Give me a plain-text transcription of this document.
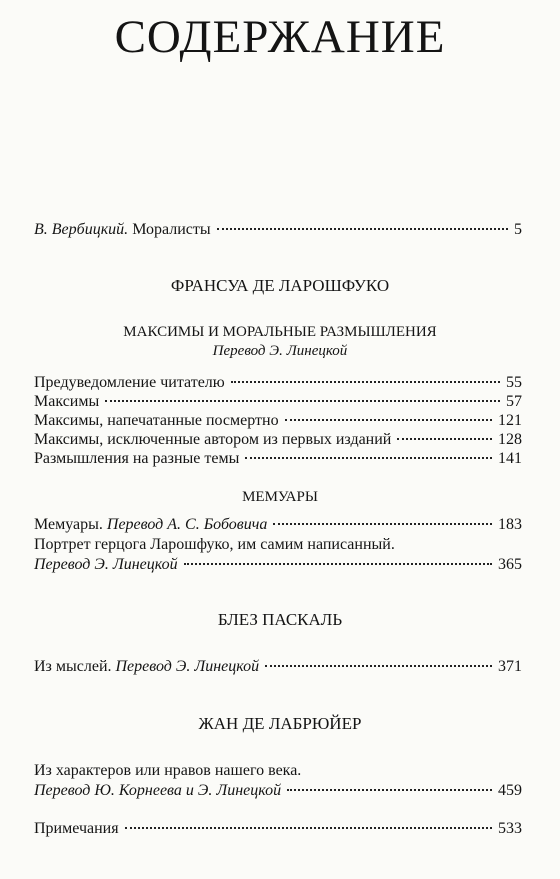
СОДЕРЖАНИЕ
В. Вербицкий. Моралисты	5
ФРАНСУА ДЕ ЛАРОШФУКО
МАКСИМЫ И МОРАЛЬНЫЕ РАЗМЫШЛЕНИЯ
Перевод Э. Линецкой
Предуведомление читателю	55
Максимы	57
Максимы, напечатанные посмертно	121
Максимы, исключенные автором из первых изданий	128
Размышления на разные темы	141
МЕМУАРЫ
Мемуары. Перевод А. С. Бобовича	183
Портрет герцога Ларошфуко, им самим написанный.
Перевод Э. Линецкой	365
БЛЕЗ ПАСКАЛЬ
Из мыслей. Перевод Э. Линецкой	371
ЖАН ДЕ ЛАБРЮЙЕР
Из характеров или нравов нашего века.
Перевод Ю. Корнеева и Э. Линецкой	459
Примечания	533
